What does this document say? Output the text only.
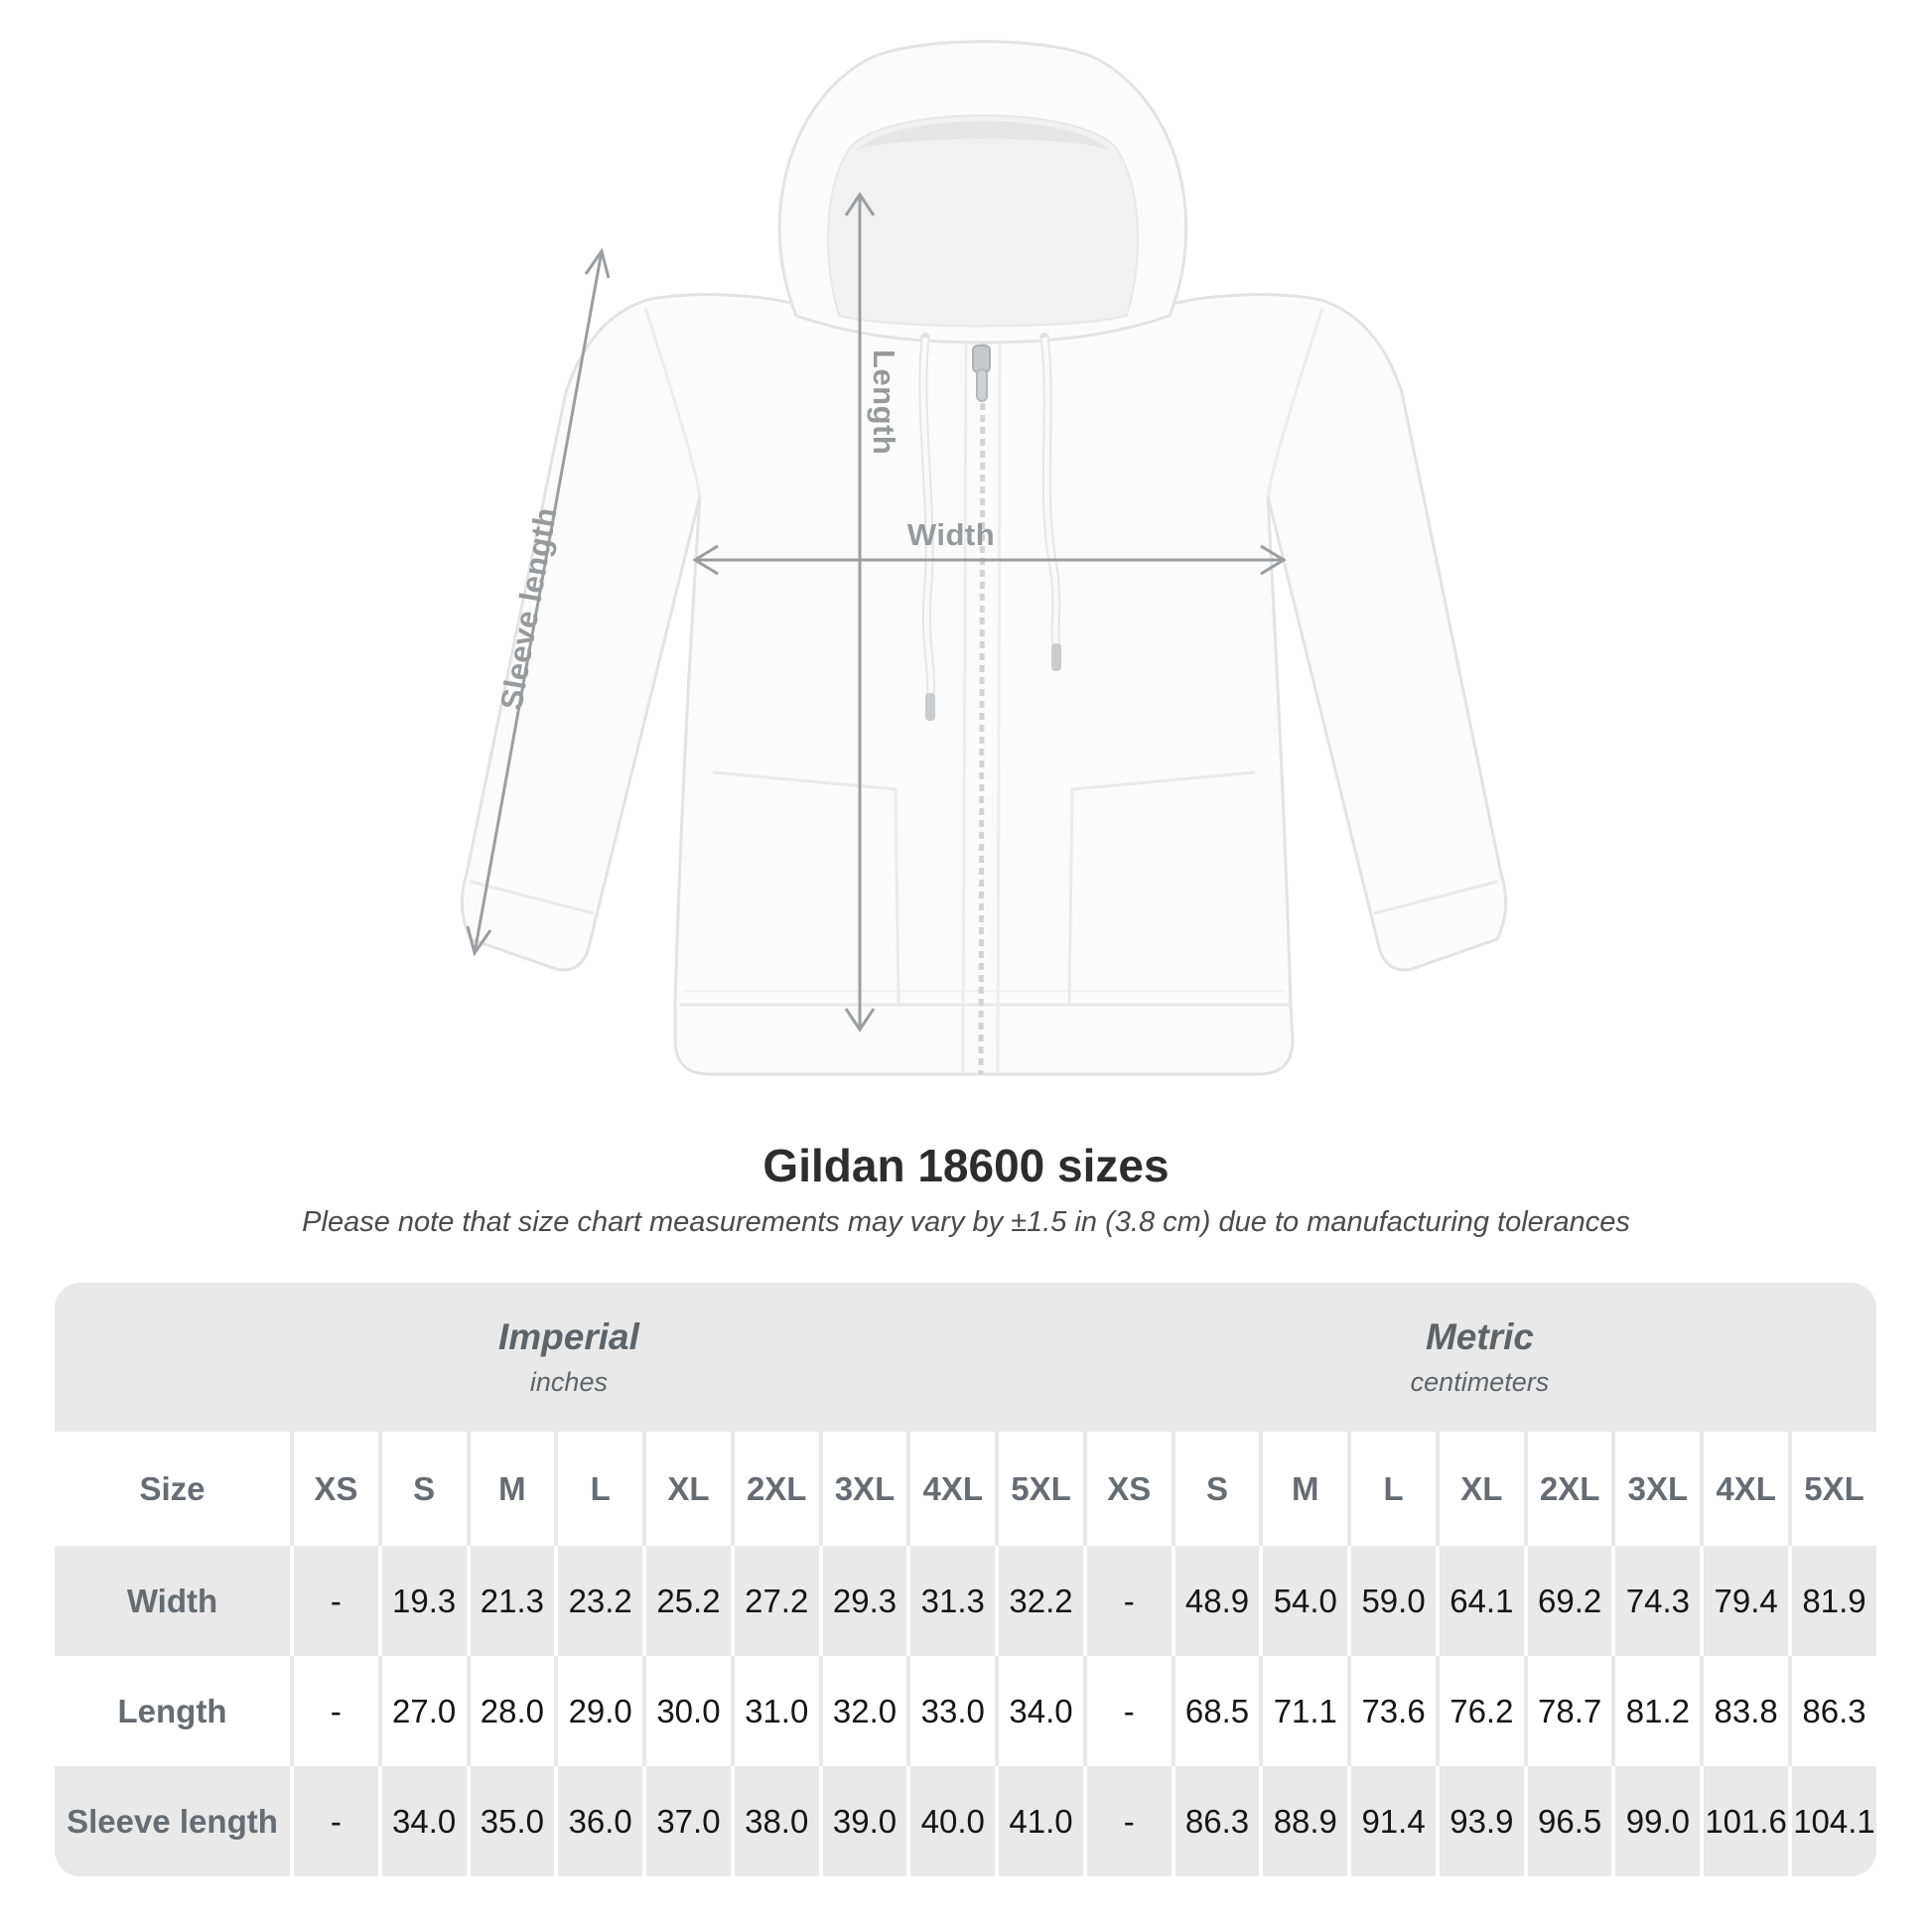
Length
Width
Sleeve length
Gildan 18600 sizes
Please note that size chart measurements may vary by ±1.5 in (3.8 cm) due to manufacturing tolerances
Imperial
inches

Metric
centimeters

Size	XS	S	M	L	XL	2XL	3XL	4XL	5XL	XS	S	M	L	XL	2XL	3XL	4XL	5XL
Width	-	19.3	21.3	23.2	25.2	27.2	29.3	31.3	32.2	-	48.9	54.0	59.0	64.1	69.2	74.3	79.4	81.9
Length	-	27.0	28.0	29.0	30.0	31.0	32.0	33.0	34.0	-	68.5	71.1	73.6	76.2	78.7	81.2	83.8	86.3
Sleeve length	-	34.0	35.0	36.0	37.0	38.0	39.0	40.0	41.0	-	86.3	88.9	91.4	93.9	96.5	99.0	101.6	104.1
